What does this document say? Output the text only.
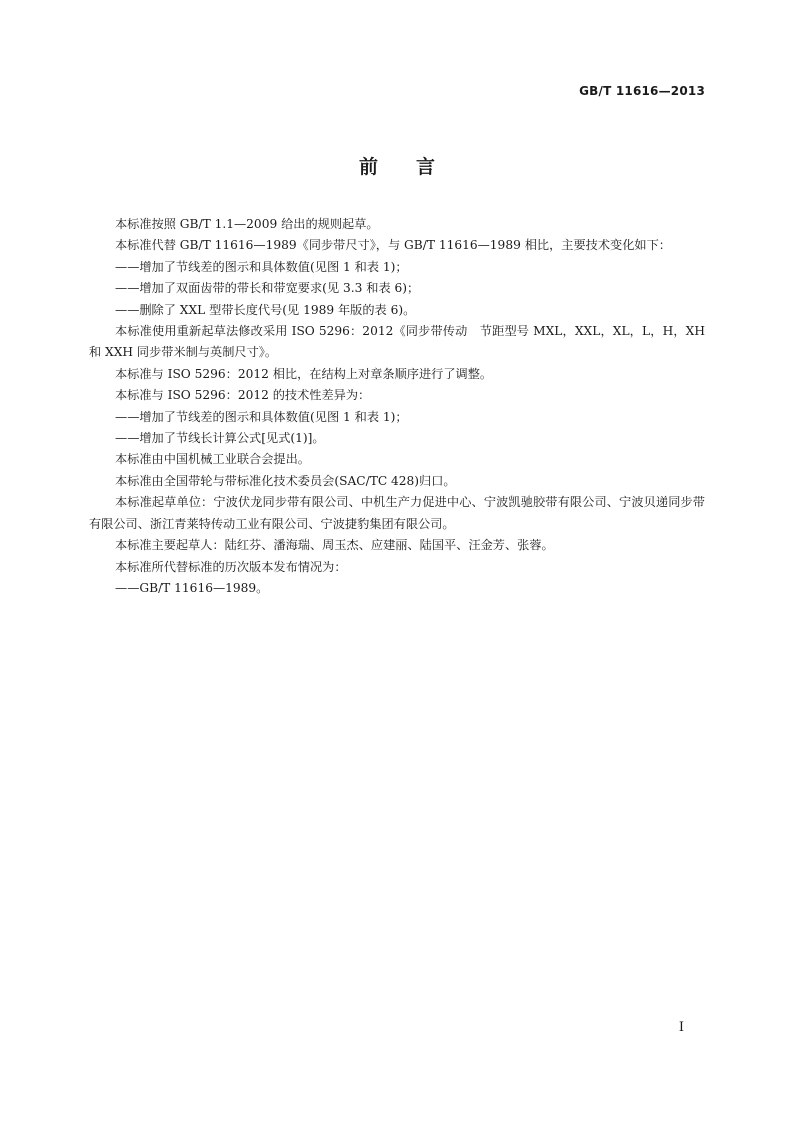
GB/T 11616—2013
前言

本标准按照 GB/T 1.1—2009 给出的规则起草。

本标准代替 GB/T 11616—1989《同步带尺寸》，与 GB/T 11616—1989 相比，主要技术变化如下：

——增加了节线差的图示和具体数值(见图 1 和表 1)；

——增加了双面齿带的带长和带宽要求(见 3.3 和表 6)；

——删除了 XXL 型带长度代号(见 1989 年版的表 6)。

本标准使用重新起草法修改采用 ISO 5296：2012《同步带传动　节距型号 MXL，XXL，XL，L，H，XH 和 XXH 同步带米制与英制尺寸》。

本标准与 ISO 5296：2012 相比，在结构上对章条顺序进行了调整。

本标准与 ISO 5296：2012 的技术性差异为：

——增加了节线差的图示和具体数值(见图 1 和表 1)；

——增加了节线长计算公式[见式(1)]。

本标准由中国机械工业联合会提出。

本标准由全国带轮与带标准化技术委员会(SAC/TC 428)归口。

本标准起草单位：宁波伏龙同步带有限公司、中机生产力促进中心、宁波凯驰胶带有限公司、宁波贝递同步带有限公司、浙江青莱特传动工业有限公司、宁波捷豹集团有限公司。

本标准主要起草人：陆红芬、潘海瑞、周玉杰、应建丽、陆国平、汪金芳、张蓉。

本标准所代替标准的历次版本发布情况为：

——GB/T 11616—1989。

I
